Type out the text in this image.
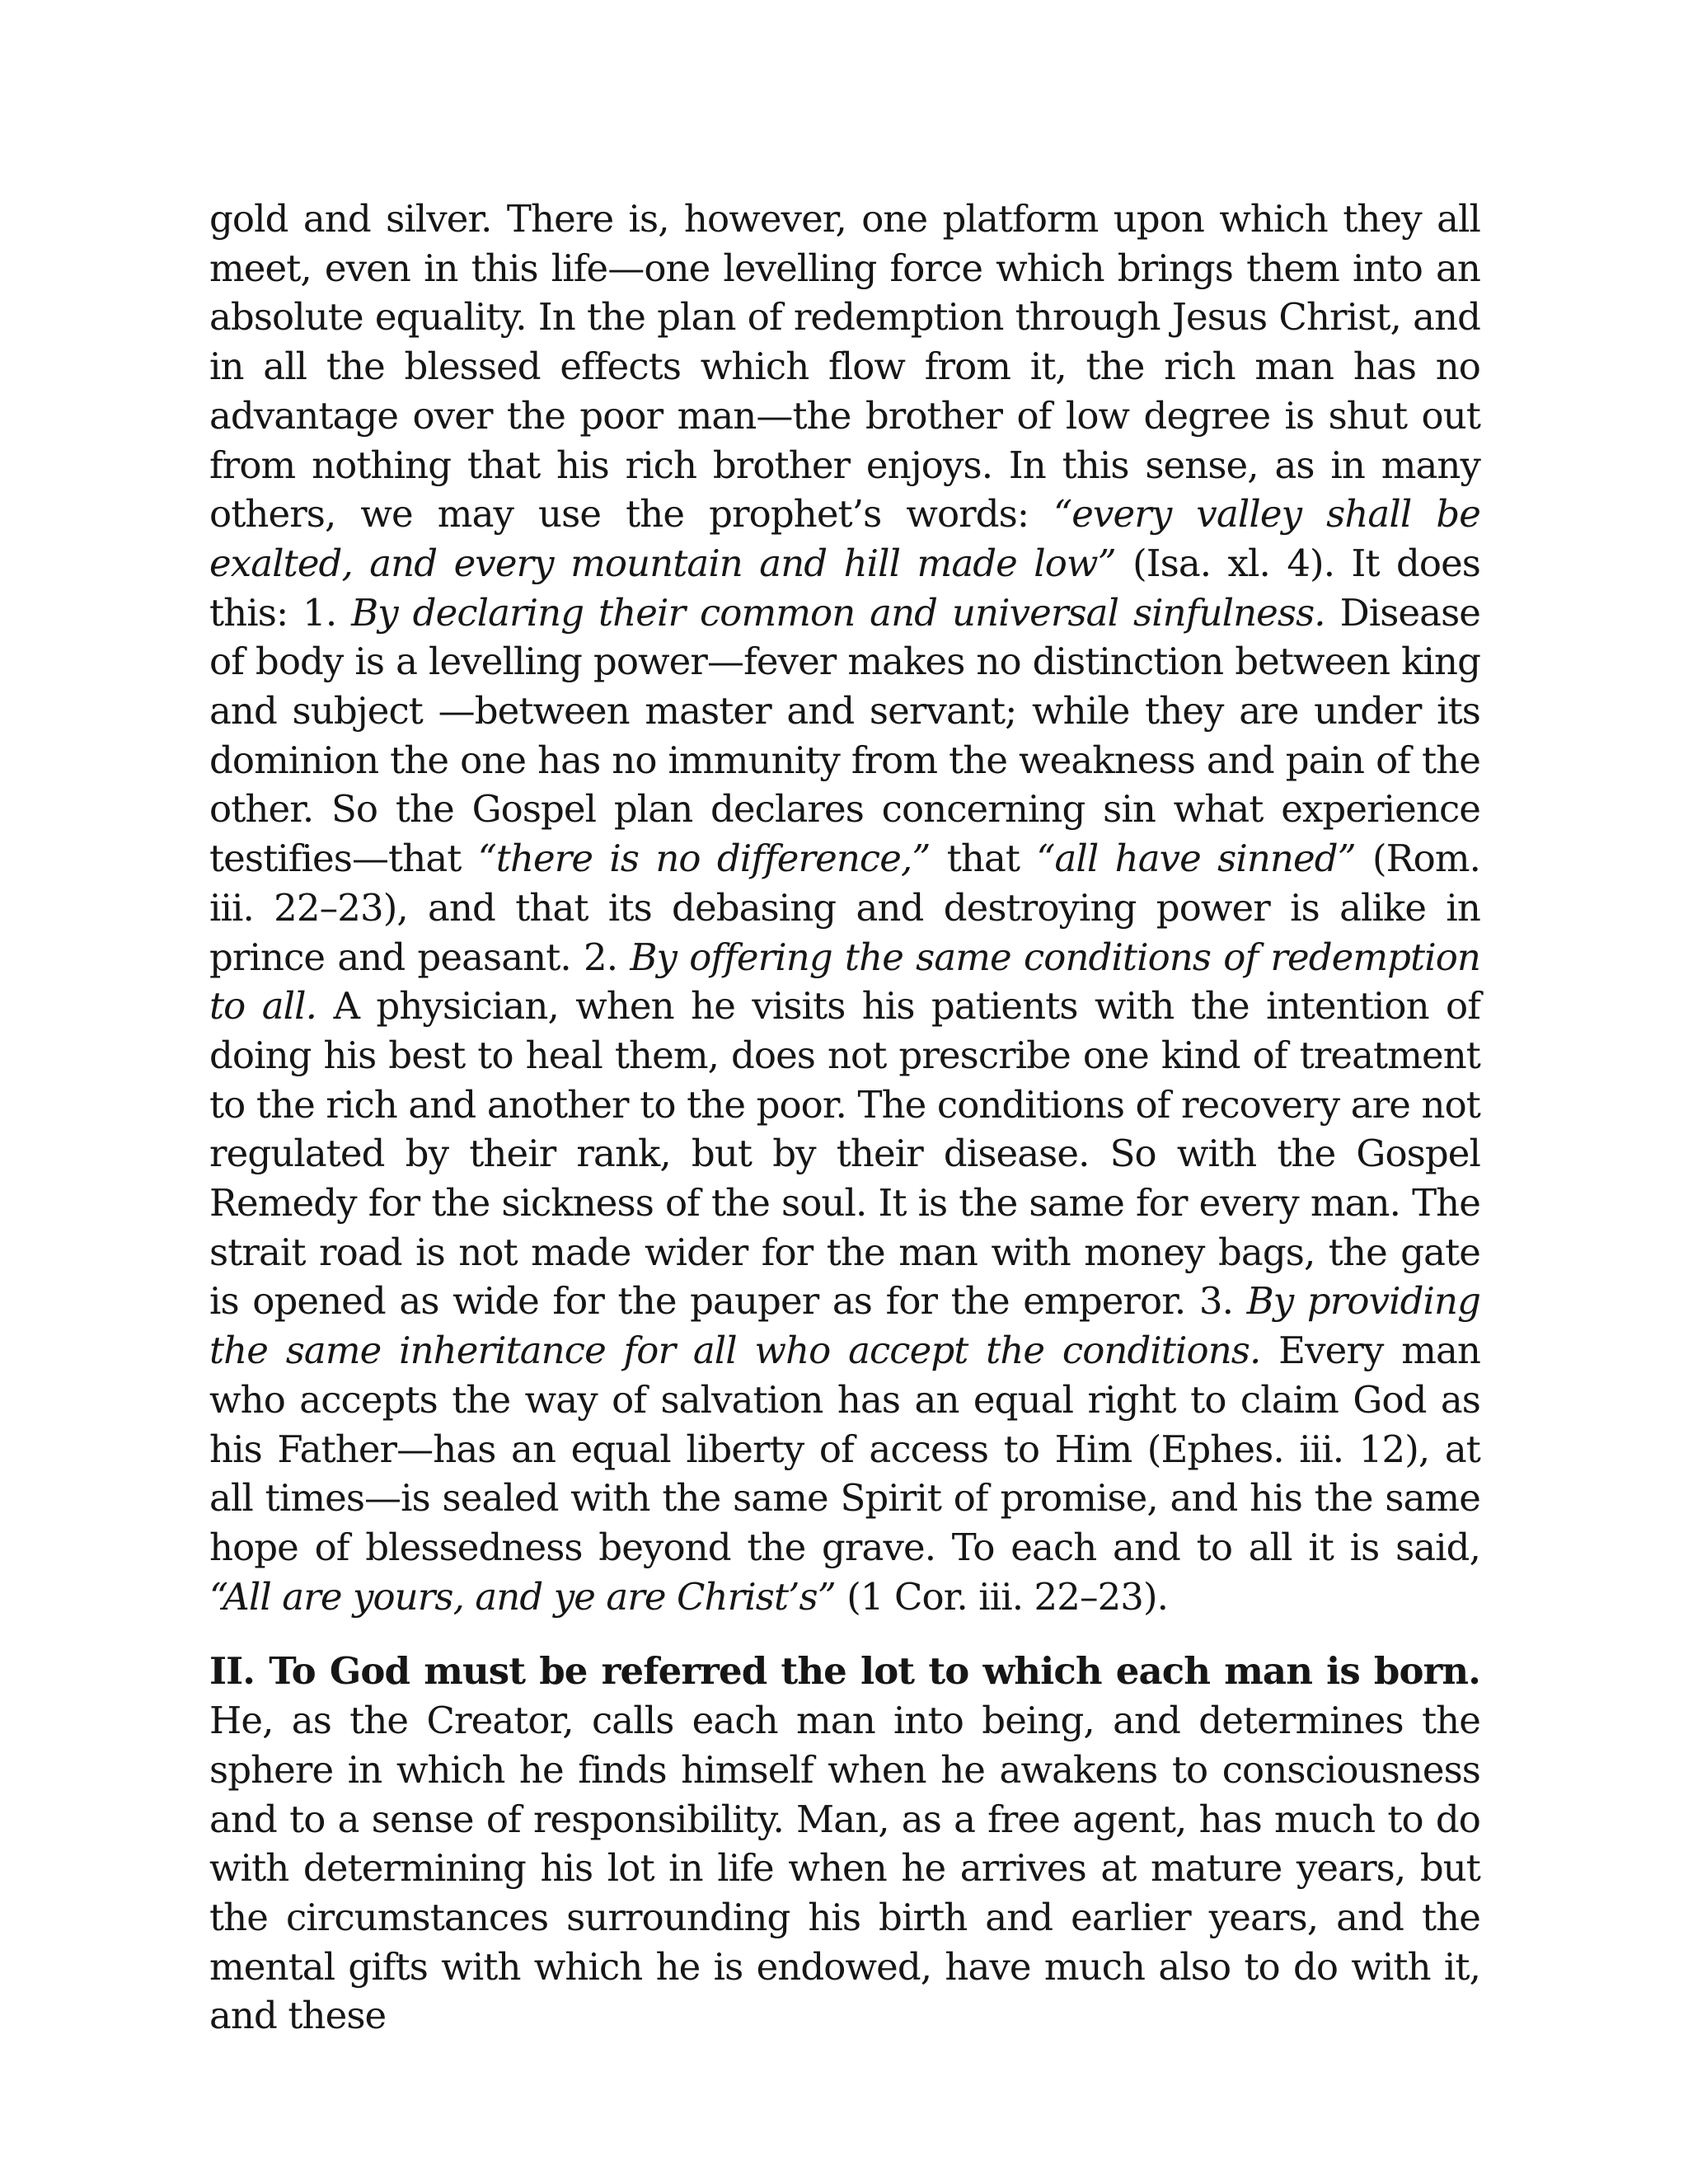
gold and silver. There is, however, one platform upon which they all meet, even in this life—one levelling force which brings them into an absolute equality. In the plan of redemption through Jesus Christ, and in all the blessed effects which flow from it, the rich man has no advantage over the poor man—the brother of low degree is shut out from nothing that his rich brother enjoys. In this sense, as in many others, we may use the prophet’s words: “every valley shall be exalted, and every mountain and hill made low” (Isa. xl. 4). It does this: 1. By declaring their common and universal sinfulness. Disease of body is a levelling power—fever makes no distinction between king and subject —between master and servant; while they are under its dominion the one has no immunity from the weakness and pain of the other. So the Gospel plan declares concerning sin what experience testifies—that “there is no difference,” that “all have sinned” (Rom. iii. 22–23), and that its debasing and destroying power is alike in prince and peasant. 2. By offering the same conditions of redemption to all. A physician, when he visits his patients with the intention of doing his best to heal them, does not prescribe one kind of treatment to the rich and another to the poor. The conditions of recovery are not regulated by their rank, but by their disease. So with the Gospel Remedy for the sickness of the soul. It is the same for every man. The strait road is not made wider for the man with money bags, the gate is opened as wide for the pauper as for the emperor. 3. By providing the same inheritance for all who accept the conditions. Every man who accepts the way of salvation has an equal right to claim God as his Father—has an equal liberty of access to Him (Ephes. iii. 12), at all times—is sealed with the same Spirit of promise, and his the same hope of blessedness beyond the grave. To each and to all it is said, “All are yours, and ye are Christ’s” (1 Cor. iii. 22–23).

II. To God must be referred the lot to which each man is born. He, as the Creator, calls each man into being, and determines the sphere in which he finds himself when he awakens to consciousness and to a sense of responsibility. Man, as a free agent, has much to do with determining his lot in life when he arrives at mature years, but the circumstances surrounding his birth and earlier years, and the mental gifts with which he is endowed, have much also to do with it, and these
